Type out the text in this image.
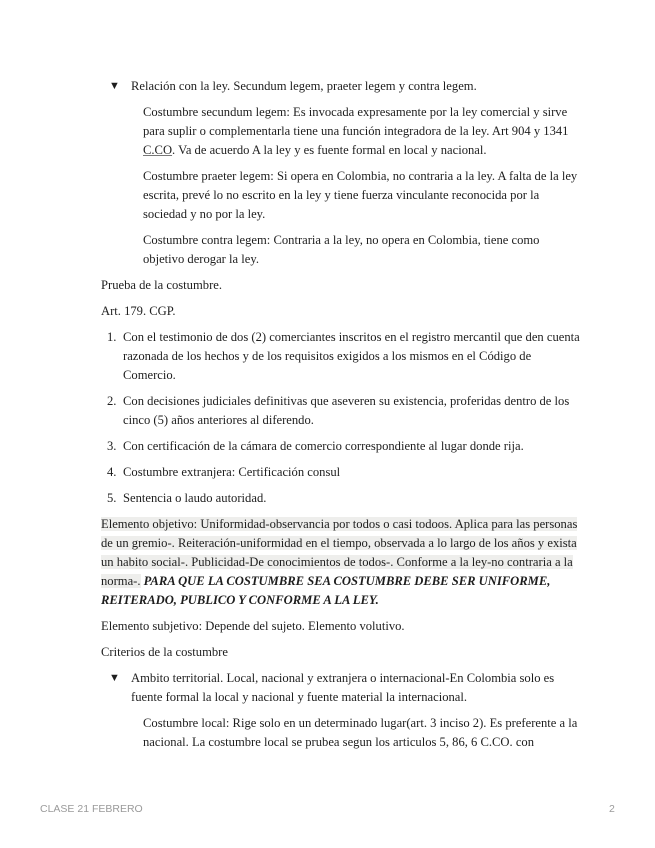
▼ Relación con la ley. Secundum legem, praeter legem y contra legem.

Costumbre secundum legem: Es invocada expresamente por la ley comercial y sirve para suplir o complementarla tiene una función integradora de la ley. Art 904 y 1341 C.CO. Va de acuerdo A la ley y es fuente formal en local y nacional.

Costumbre praeter legem: Si opera en Colombia, no contraria a la ley. A falta de la ley escrita, prevé lo no escrito en la ley y tiene fuerza vinculante reconocida por la sociedad y no por la ley.

Costumbre contra legem: Contraria a la ley, no opera en Colombia, tiene como objetivo derogar la ley.

Prueba de la costumbre.

Art. 179. CGP.

1. Con el testimonio de dos (2) comerciantes inscritos en el registro mercantil que den cuenta razonada de los hechos y de los requisitos exigidos a los mismos en el Código de Comercio.
2. Con decisiones judiciales definitivas que aseveren su existencia, proferidas dentro de los cinco (5) años anteriores al diferendo.
3. Con certificación de la cámara de comercio correspondiente al lugar donde rija.
4. Costumbre extranjera: Certificación consul
5. Sentencia o laudo autoridad.

Elemento objetivo: Uniformidad-observancia por todos o casi todoos. Aplica para las personas de un gremio-. Reiteración-uniformidad en el tiempo, observada a lo largo de los años y exista un habito social-. Publicidad-De conocimientos de todos-. Conforme a la ley-no contraria a la norma-. PARA QUE LA COSTUMBRE SEA COSTUMBRE DEBE SER UNIFORME, REITERADO, PUBLICO Y CONFORME A LA LEY.

Elemento subjetivo: Depende del sujeto. Elemento volutivo.

Criterios de la costumbre

▼ Ambito territorial. Local, nacional y extranjera o internacional-En Colombia solo es fuente formal la local y nacional y fuente material la internacional.

Costumbre local: Rige solo en un determinado lugar(art. 3 inciso 2). Es preferente a la nacional. La costumbre local se prubea segun los articulos 5, 86, 6 C.CO. con

CLASE 21 FEBRERO	2
